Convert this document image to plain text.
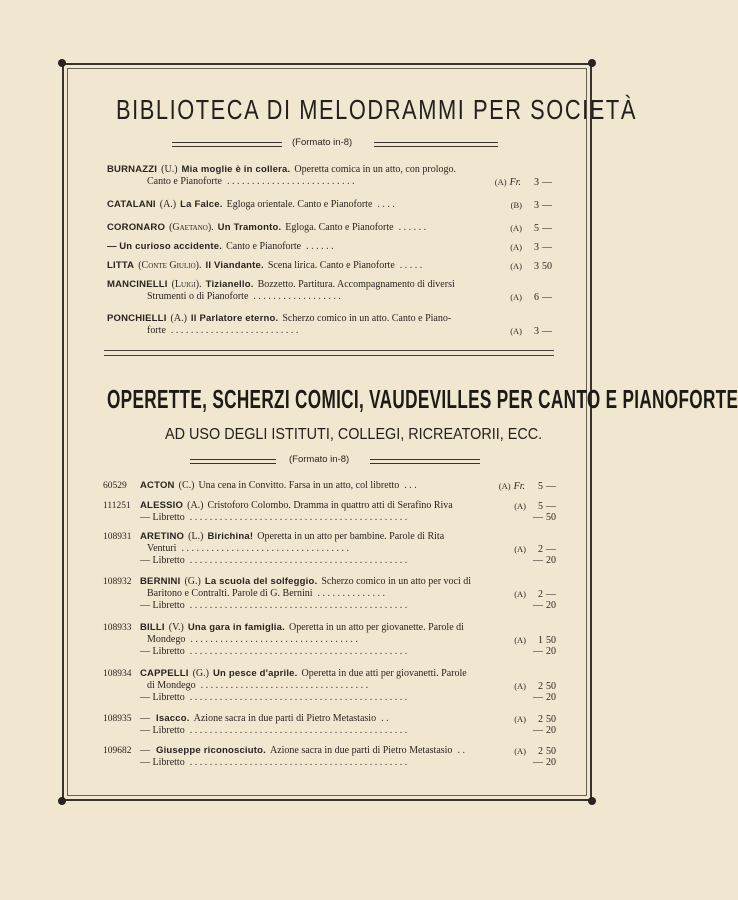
BIBLIOTECA DI MELODRAMMI PER SOCIETÀ
(Formato in-8)
OPERETTE, SCHERZI COMICI, VAUDEVILLES PER CANTO E PIANOFORTE
AD USO DEGLI ISTITUTI, COLLEGI, RICREATORII, ECC.
(Formato in-8)
BURNAZZI (U.) Mia moglie è in collera. Operetta comica in un atto, con prologo.
Canto e Pianoforte ..........................	(A) Fr. 3 —
CATALANI (A.) La Falce. Egloga orientale. Canto e Pianoforte ....	(B) 3 —
CORONARO (Gaetano). Un Tramonto. Egloga. Canto e Pianoforte ......	(A) 5 —
— Un curioso accidente. Canto e Pianoforte ......	(A) 3 —
LITTA (Conte Giulio). Il Viandante. Scena lirica. Canto e Pianoforte .....	(A) 3 50
MANCINELLI (Luigi). Tizianello. Bozzetto. Partitura. Accompagnamento di diversi
Strumenti o di Pianoforte ..................	(A) 6 —
PONCHIELLI (A.) Il Parlatore eterno. Scherzo comico in un atto. Canto e Piano-
forte ..........................	(A) 3 —
60529 ACTON (C.) Una cena in Convitto. Farsa in un atto, col libretto ...	(A) Fr. 5 —
111251 ALESSIO (A.) Cristoforo Colombo. Dramma in quattro atti di Serafino Riva	(A) 5 —
— Libretto ............................................	— 50
108931 ARETINO (L.) Birichina! Operetta in un atto per bambine. Parole di Rita
Venturi ..................................	(A) 2 —
— Libretto ............................................	— 20
108932 BERNINI (G.) La scuola del solfeggio. Scherzo comico in un atto per voci di
Baritono e Contralti. Parole di G. Bernini ..............	(A) 2 —
— Libretto ............................................	— 20
108933 BILLI (V.) Una gara in famiglia. Operetta in un atto per giovanette. Parole di
Mondego ..................................	(A) 1 50
— Libretto ............................................	— 20
108934 CAPPELLI (G.) Un pesce d'aprile. Operetta in due atti per giovanetti. Parole
di Mondego ..................................	(A) 2 50
— Libretto ............................................	— 20
108935 — Isacco. Azione sacra in due parti di Pietro Metastasio ..	(A) 2 50
— Libretto ............................................	— 20
109682 — Giuseppe riconosciuto. Azione sacra in due parti di Pietro Metastasio ..	(A) 2 50
— Libretto ............................................	— 20
